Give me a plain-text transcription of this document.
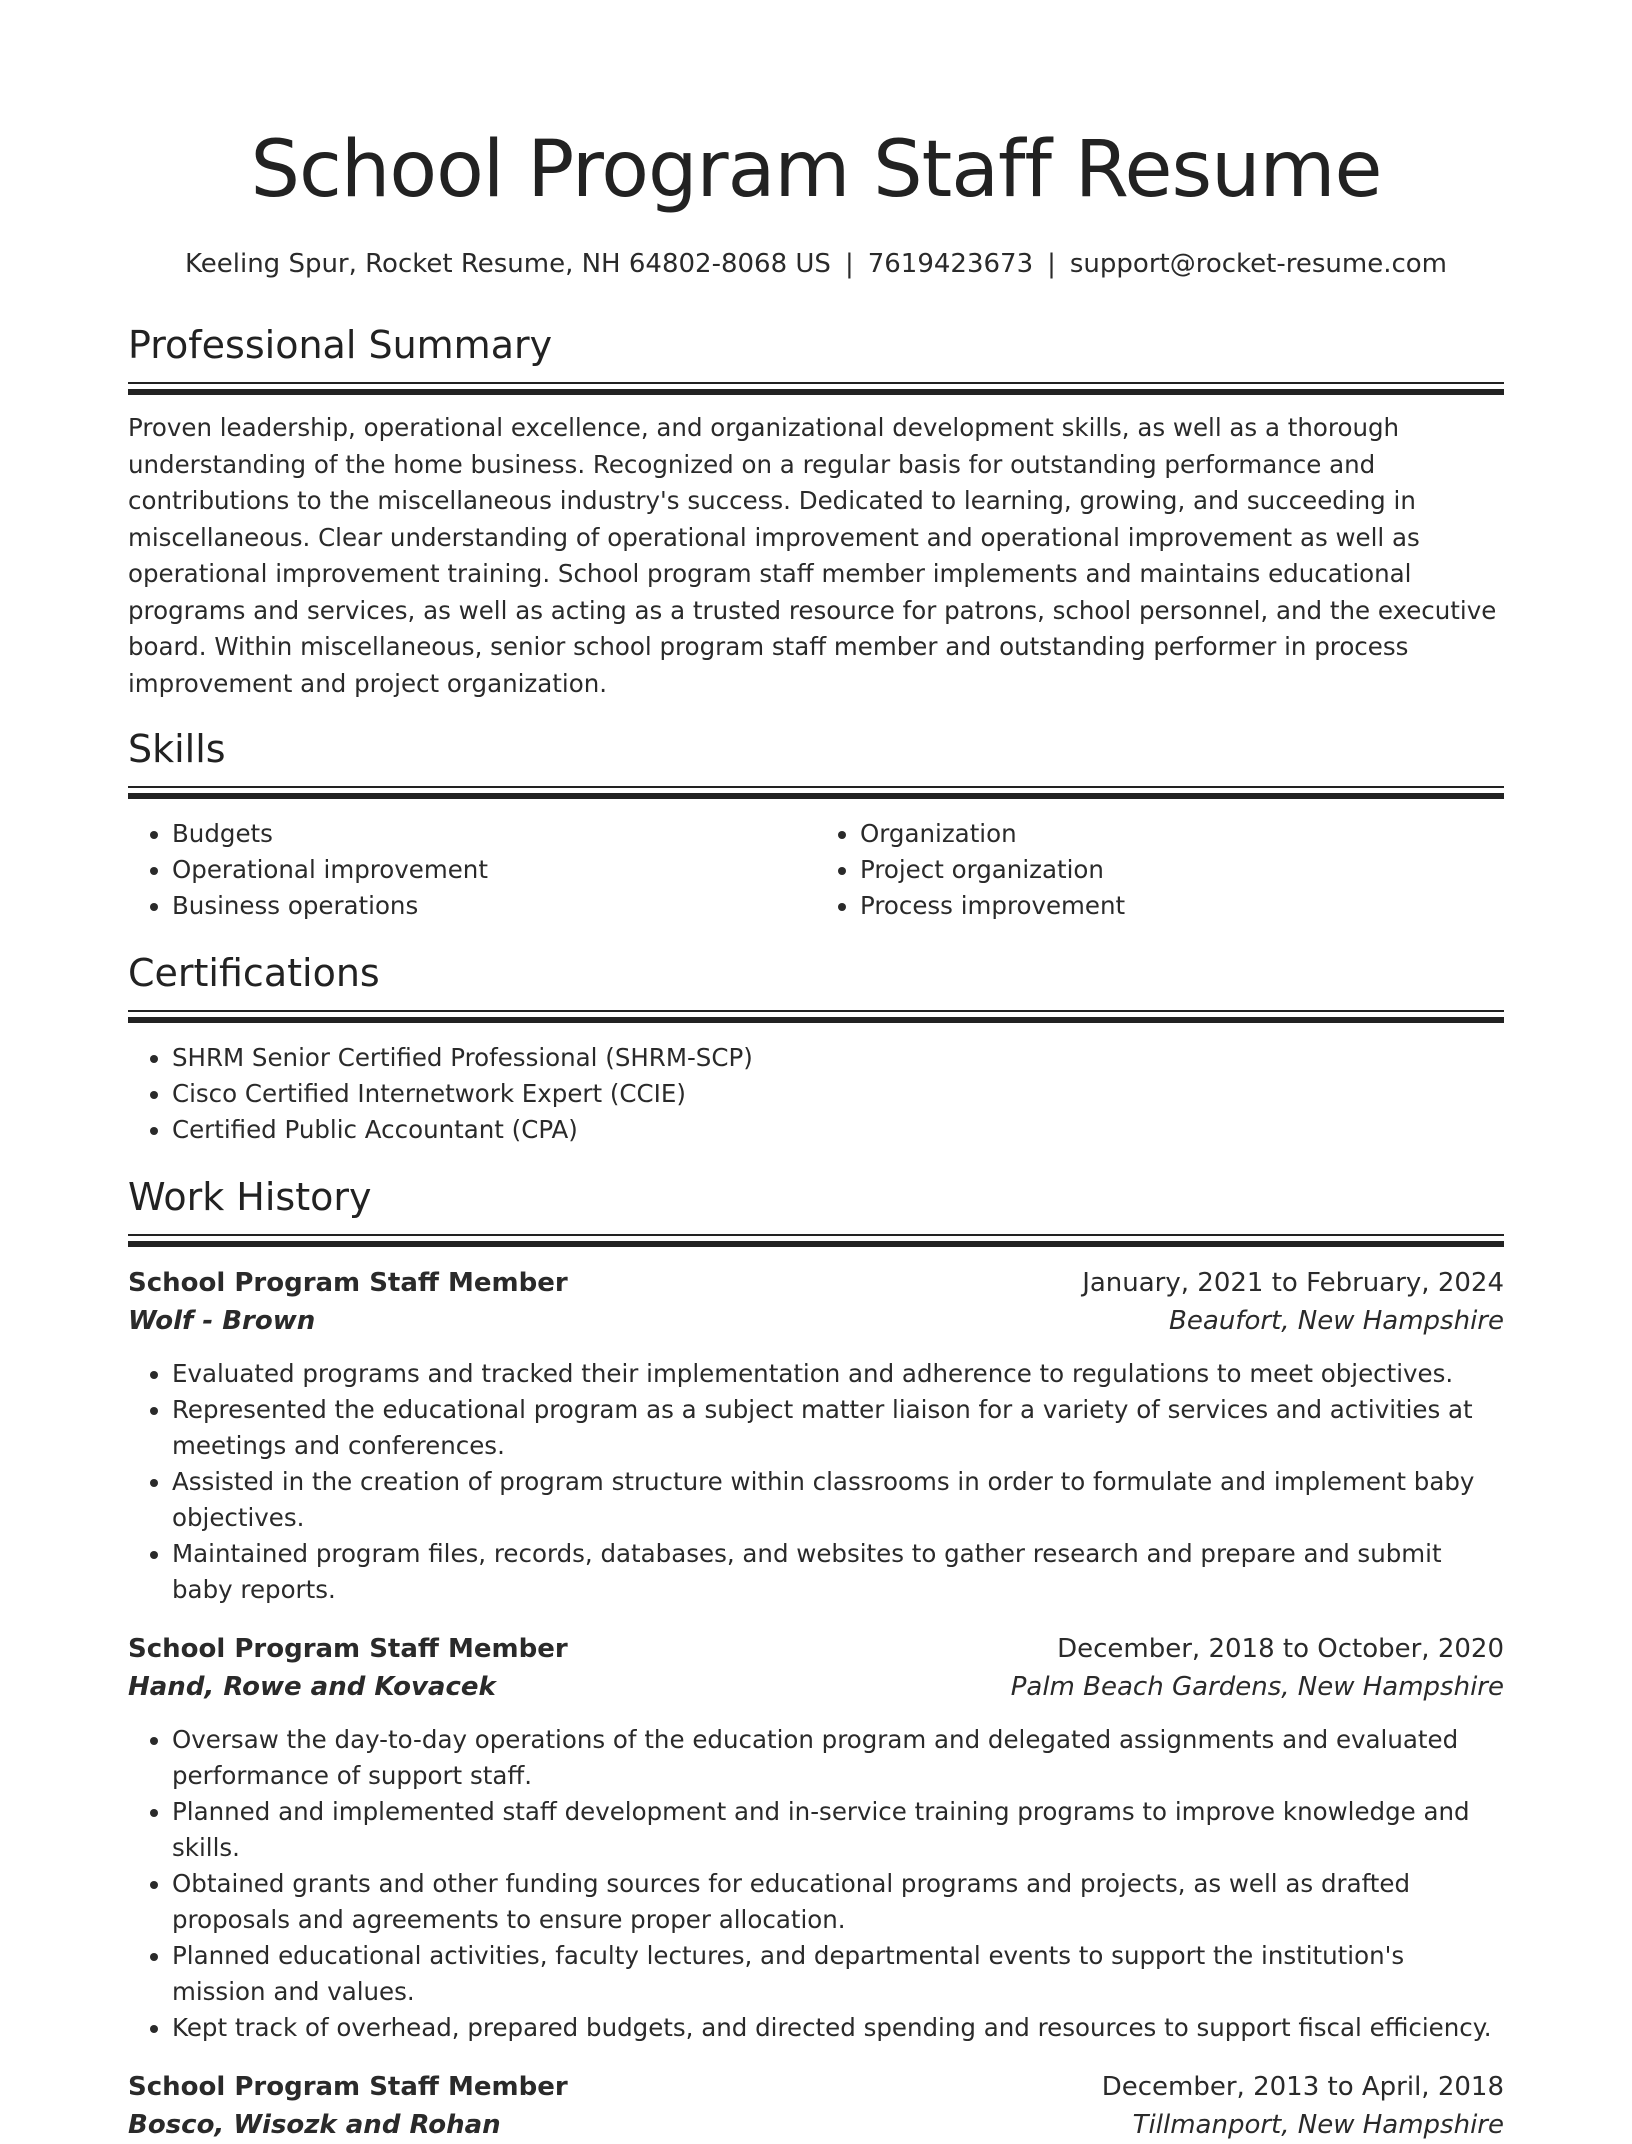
School Program Staff Resume
Keeling Spur, Rocket Resume, NH 64802-8068 US | 7619423673 | support@rocket-resume.com
Professional Summary
Proven leadership, operational excellence, and organizational development skills, as well as a thorough understanding of the home business. Recognized on a regular basis for outstanding performance and contributions to the miscellaneous industry's success. Dedicated to learning, growing, and succeeding in miscellaneous. Clear understanding of operational improvement and operational improvement as well as operational improvement training. School program staff member implements and maintains educational programs and services, as well as acting as a trusted resource for patrons, school personnel, and the executive board. Within miscellaneous, senior school program staff member and outstanding performer in process improvement and project organization.
Skills
• Budgets
• Operational improvement
• Business operations
• Organization
• Project organization
• Process improvement
Certifications
• SHRM Senior Certified Professional (SHRM-SCP)
• Cisco Certified Internetwork Expert (CCIE)
• Certified Public Accountant (CPA)
Work History
School Program Staff Member	January, 2021 to February, 2024
Wolf - Brown	Beaufort, New Hampshire
• Evaluated programs and tracked their implementation and adherence to regulations to meet objectives.
• Represented the educational program as a subject matter liaison for a variety of services and activities at meetings and conferences.
• Assisted in the creation of program structure within classrooms in order to formulate and implement baby objectives.
• Maintained program files, records, databases, and websites to gather research and prepare and submit baby reports.
School Program Staff Member	December, 2018 to October, 2020
Hand, Rowe and Kovacek	Palm Beach Gardens, New Hampshire
• Oversaw the day-to-day operations of the education program and delegated assignments and evaluated performance of support staff.
• Planned and implemented staff development and in-service training programs to improve knowledge and skills.
• Obtained grants and other funding sources for educational programs and projects, as well as drafted proposals and agreements to ensure proper allocation.
• Planned educational activities, faculty lectures, and departmental events to support the institution's mission and values.
• Kept track of overhead, prepared budgets, and directed spending and resources to support fiscal efficiency.
School Program Staff Member	December, 2013 to April, 2018
Bosco, Wisozk and Rohan	Tillmanport, New Hampshire
